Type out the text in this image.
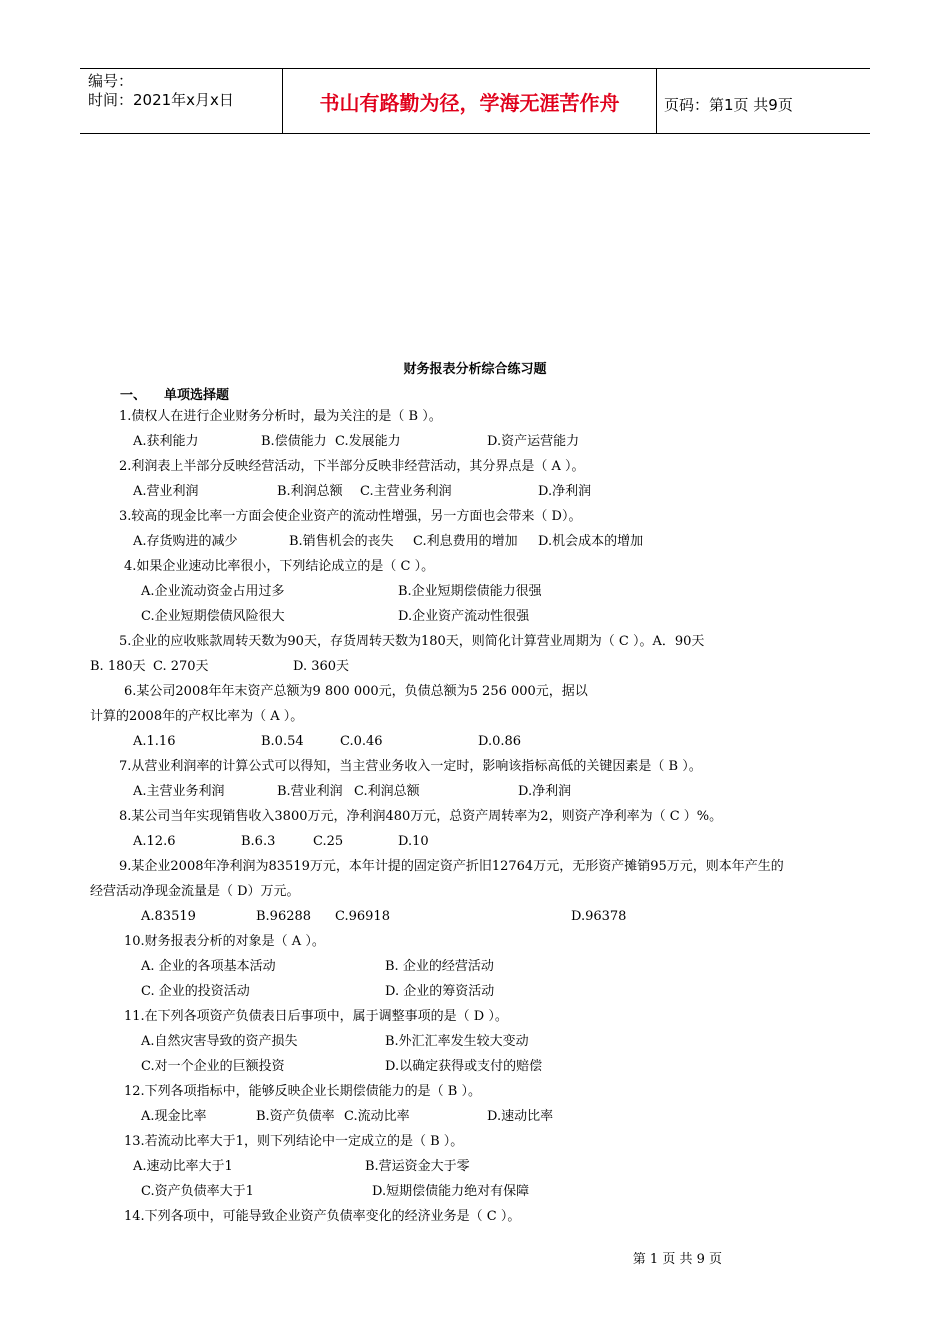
编号：
时间：2021年x月x日	书山有路勤为径，学海无涯苦作舟	页码：第1页 共9页
财务报表分析综合练习题
一、 单项选择题
1.债权人在进行企业财务分析时，最为关注的是（ B ）。
A.获利能力	B.偿债能力 C.发展能力	D.资产运营能力
2.利润表上半部分反映经营活动，下半部分反映非经营活动，其分界点是（ A ）。
A.营业利润	B.利润总额 C.主营业务利润	D.净利润
3.较高的现金比率一方面会使企业资产的流动性增强，另一方面也会带来（ D）。
A.存货购进的减少	B.销售机会的丧失 C.利息费用的增加 D.机会成本的增加
4.如果企业速动比率很小，下列结论成立的是（ C ）。
A.企业流动资金占用过多	B.企业短期偿债能力很强
C.企业短期偿债风险很大	D.企业资产流动性很强
5.企业的应收账款周转天数为90天，存货周转天数为180天，则简化计算营业周期为（ C ）。A．90天
B. 180天 C. 270天	D. 360天
6.某公司2008年年末资产总额为9 800 000元，负债总额为5 256 000元，据以
计算的2008年的产权比率为（ A ）。
A.1.16	B.0.54	C.0.46	D.0.86
7.从营业利润率的计算公式可以得知，当主营业务收入一定时，影响该指标高低的关键因素是（ B ）。
A.主营业务利润	B.营业利润 C.利润总额	D.净利润
8.某公司当年实现销售收入3800万元，净利润480万元，总资产周转率为2，则资产净利率为（ C ）%。
A.12.6	B.6.3	C.25	D.10
9.某企业2008年净利润为83519万元，本年计提的固定资产折旧12764万元，无形资产摊销95万元，则本年产生的
经营活动净现金流量是（ D）万元。
A.83519	B.96288 C.96918	D.96378
10.财务报表分析的对象是（ A ）。
A. 企业的各项基本活动	B. 企业的经营活动
C. 企业的投资活动	D. 企业的筹资活动
11.在下列各项资产负债表日后事项中，属于调整事项的是（ D ）。
A.自然灾害导致的资产损失	B.外汇汇率发生较大变动
C.对一个企业的巨额投资	D.以确定获得或支付的赔偿
12.下列各项指标中，能够反映企业长期偿债能力的是（ B ）。
A.现金比率	B.资产负债率 C.流动比率	D.速动比率
13.若流动比率大于1，则下列结论中一定成立的是（ B ）。
A.速动比率大于1	B.营运资金大于零
C.资产负债率大于1	D.短期偿债能力绝对有保障
14.下列各项中，可能导致企业资产负债率变化的经济业务是（ C ）。
第 1 页 共 9 页
